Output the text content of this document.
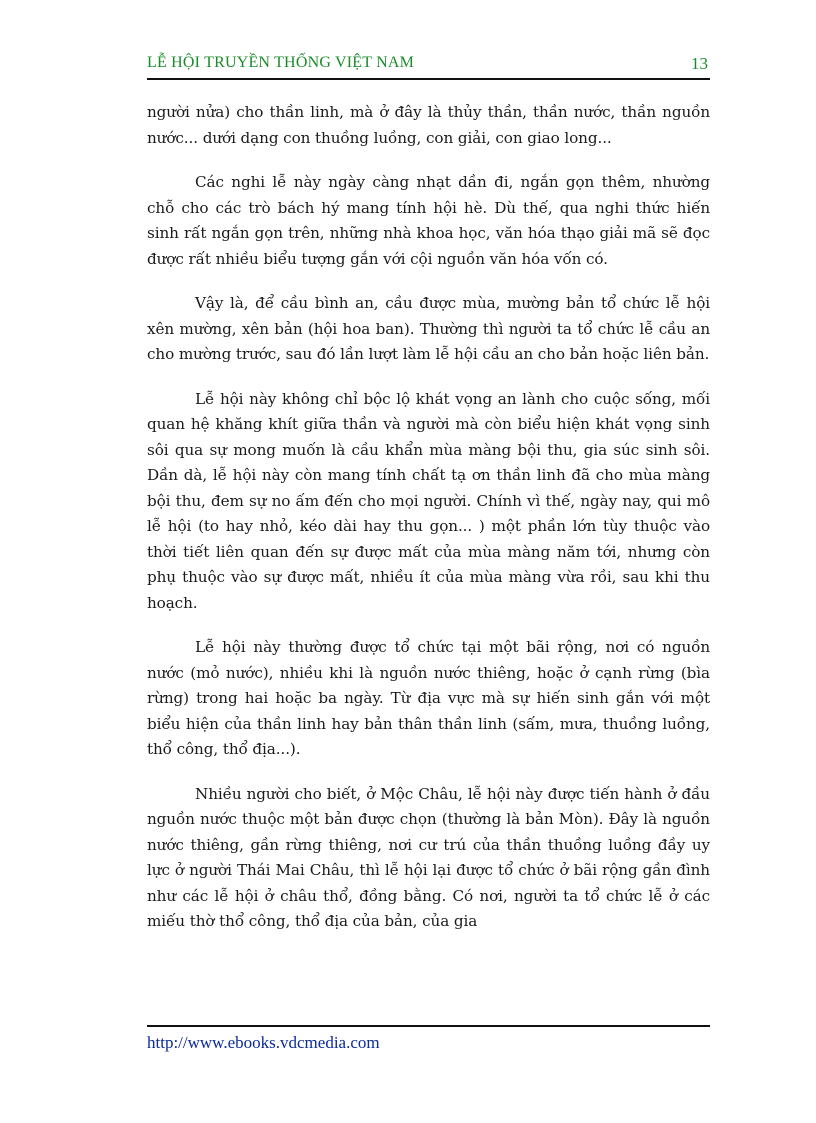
LỄ HỘI TRUYỀN THỐNG VIỆT NAM	13

người nửa) cho thần linh, mà ở đây là thủy thần, thần nước, thần nguồn nước... dưới dạng con thuồng luồng, con giải, con giao long...

Các nghi lễ này ngày càng nhạt dần đi, ngắn gọn thêm, nhường chỗ cho các trò bách hý mang tính hội hè. Dù thế, qua nghi thức hiến sinh rất ngắn gọn trên, những nhà khoa học, văn hóa thạo giải mã sẽ đọc được rất nhiều biểu tượng gắn với cội nguồn văn hóa vốn có.

Vậy là, để cầu bình an, cầu được mùa, mường bản tổ chức lễ hội xên mường, xên bản (hội hoa ban). Thường thì người ta tổ chức lễ cầu an cho mường trước, sau đó lần lượt làm lễ hội cầu an cho bản hoặc liên bản.

Lễ hội này không chỉ bộc lộ khát vọng an lành cho cuộc sống, mối quan hệ khăng khít giữa thần và người mà còn biểu hiện khát vọng sinh sôi qua sự mong muốn là cầu khẩn mùa màng bội thu, gia súc sinh sôi. Dần dà, lễ hội này còn mang tính chất tạ ơn thần linh đã cho mùa màng bội thu, đem sự no ấm đến cho mọi người. Chính vì thế, ngày nay, qui mô lễ hội (to hay nhỏ, kéo dài hay thu gọn... ) một phần lớn tùy thuộc vào thời tiết liên quan đến sự được mất của mùa màng năm tới, nhưng còn phụ thuộc vào sự được mất, nhiều ít của mùa màng vừa rồi, sau khi thu hoạch.

Lễ hội này thường được tổ chức tại một bãi rộng, nơi có nguồn nước (mỏ nước), nhiều khi là nguồn nước thiêng, hoặc ở cạnh rừng (bìa rừng) trong hai hoặc ba ngày. Từ địa vực mà sự hiến sinh gắn với một biểu hiện của thần linh hay bản thân thần linh (sấm, mưa, thuồng luồng, thổ công, thổ địa...).

Nhiều người cho biết, ở Mộc Châu, lễ hội này được tiến hành ở đầu nguồn nước thuộc một bản được chọn (thường là bản Mòn). Đây là nguồn nước thiêng, gần rừng thiêng, nơi cư trú của thần thuồng luồng đầy uy lực ở người Thái Mai Châu, thì lễ hội lại được tổ chức ở bãi rộng gần đình như các lễ hội ở châu thổ, đồng bằng. Có nơi, người ta tổ chức lễ ở các miếu thờ thổ công, thổ địa của bản, của gia

http://www.ebooks.vdcmedia.com
